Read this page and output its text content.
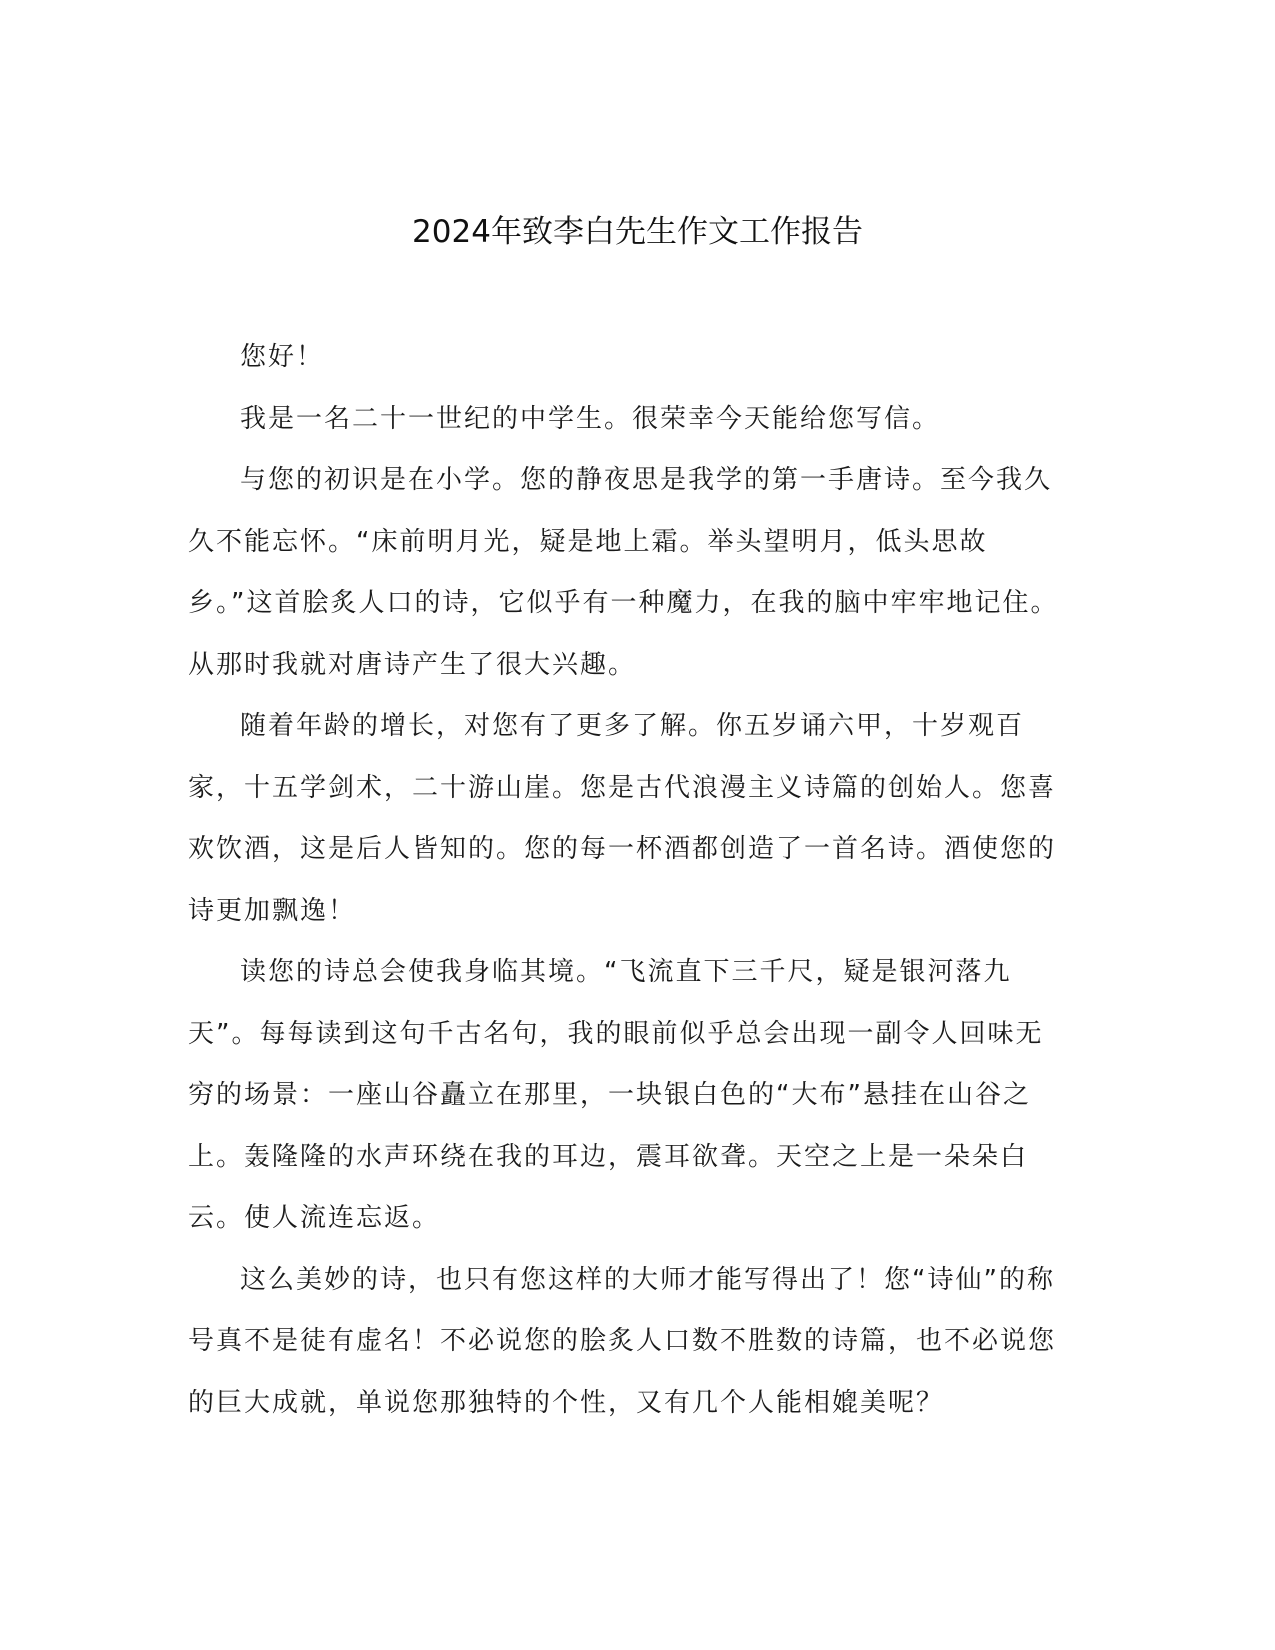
2024年致李白先生作文工作报告

您好！

我是一名二十一世纪的中学生。很荣幸今天能给您写信。

与您的初识是在小学。您的静夜思是我学的第一手唐诗。至今我久久不能忘怀。“床前明月光，疑是地上霜。举头望明月，低头思故乡。”这首脍炙人口的诗，它似乎有一种魔力，在我的脑中牢牢地记住。从那时我就对唐诗产生了很大兴趣。

随着年龄的增长，对您有了更多了解。你五岁诵六甲，十岁观百家，十五学剑术，二十游山崖。您是古代浪漫主义诗篇的创始人。您喜欢饮酒，这是后人皆知的。您的每一杯酒都创造了一首名诗。酒使您的诗更加飘逸！

读您的诗总会使我身临其境。“飞流直下三千尺，疑是银河落九天”。每每读到这句千古名句，我的眼前似乎总会出现一副令人回味无穷的场景：一座山谷矗立在那里，一块银白色的“大布”悬挂在山谷之上。轰隆隆的水声环绕在我的耳边，震耳欲聋。天空之上是一朵朵白云。使人流连忘返。

这么美妙的诗，也只有您这样的大师才能写得出了！您“诗仙”的称号真不是徒有虚名！不必说您的脍炙人口数不胜数的诗篇，也不必说您的巨大成就，单说您那独特的个性，又有几个人能相媲美呢？
